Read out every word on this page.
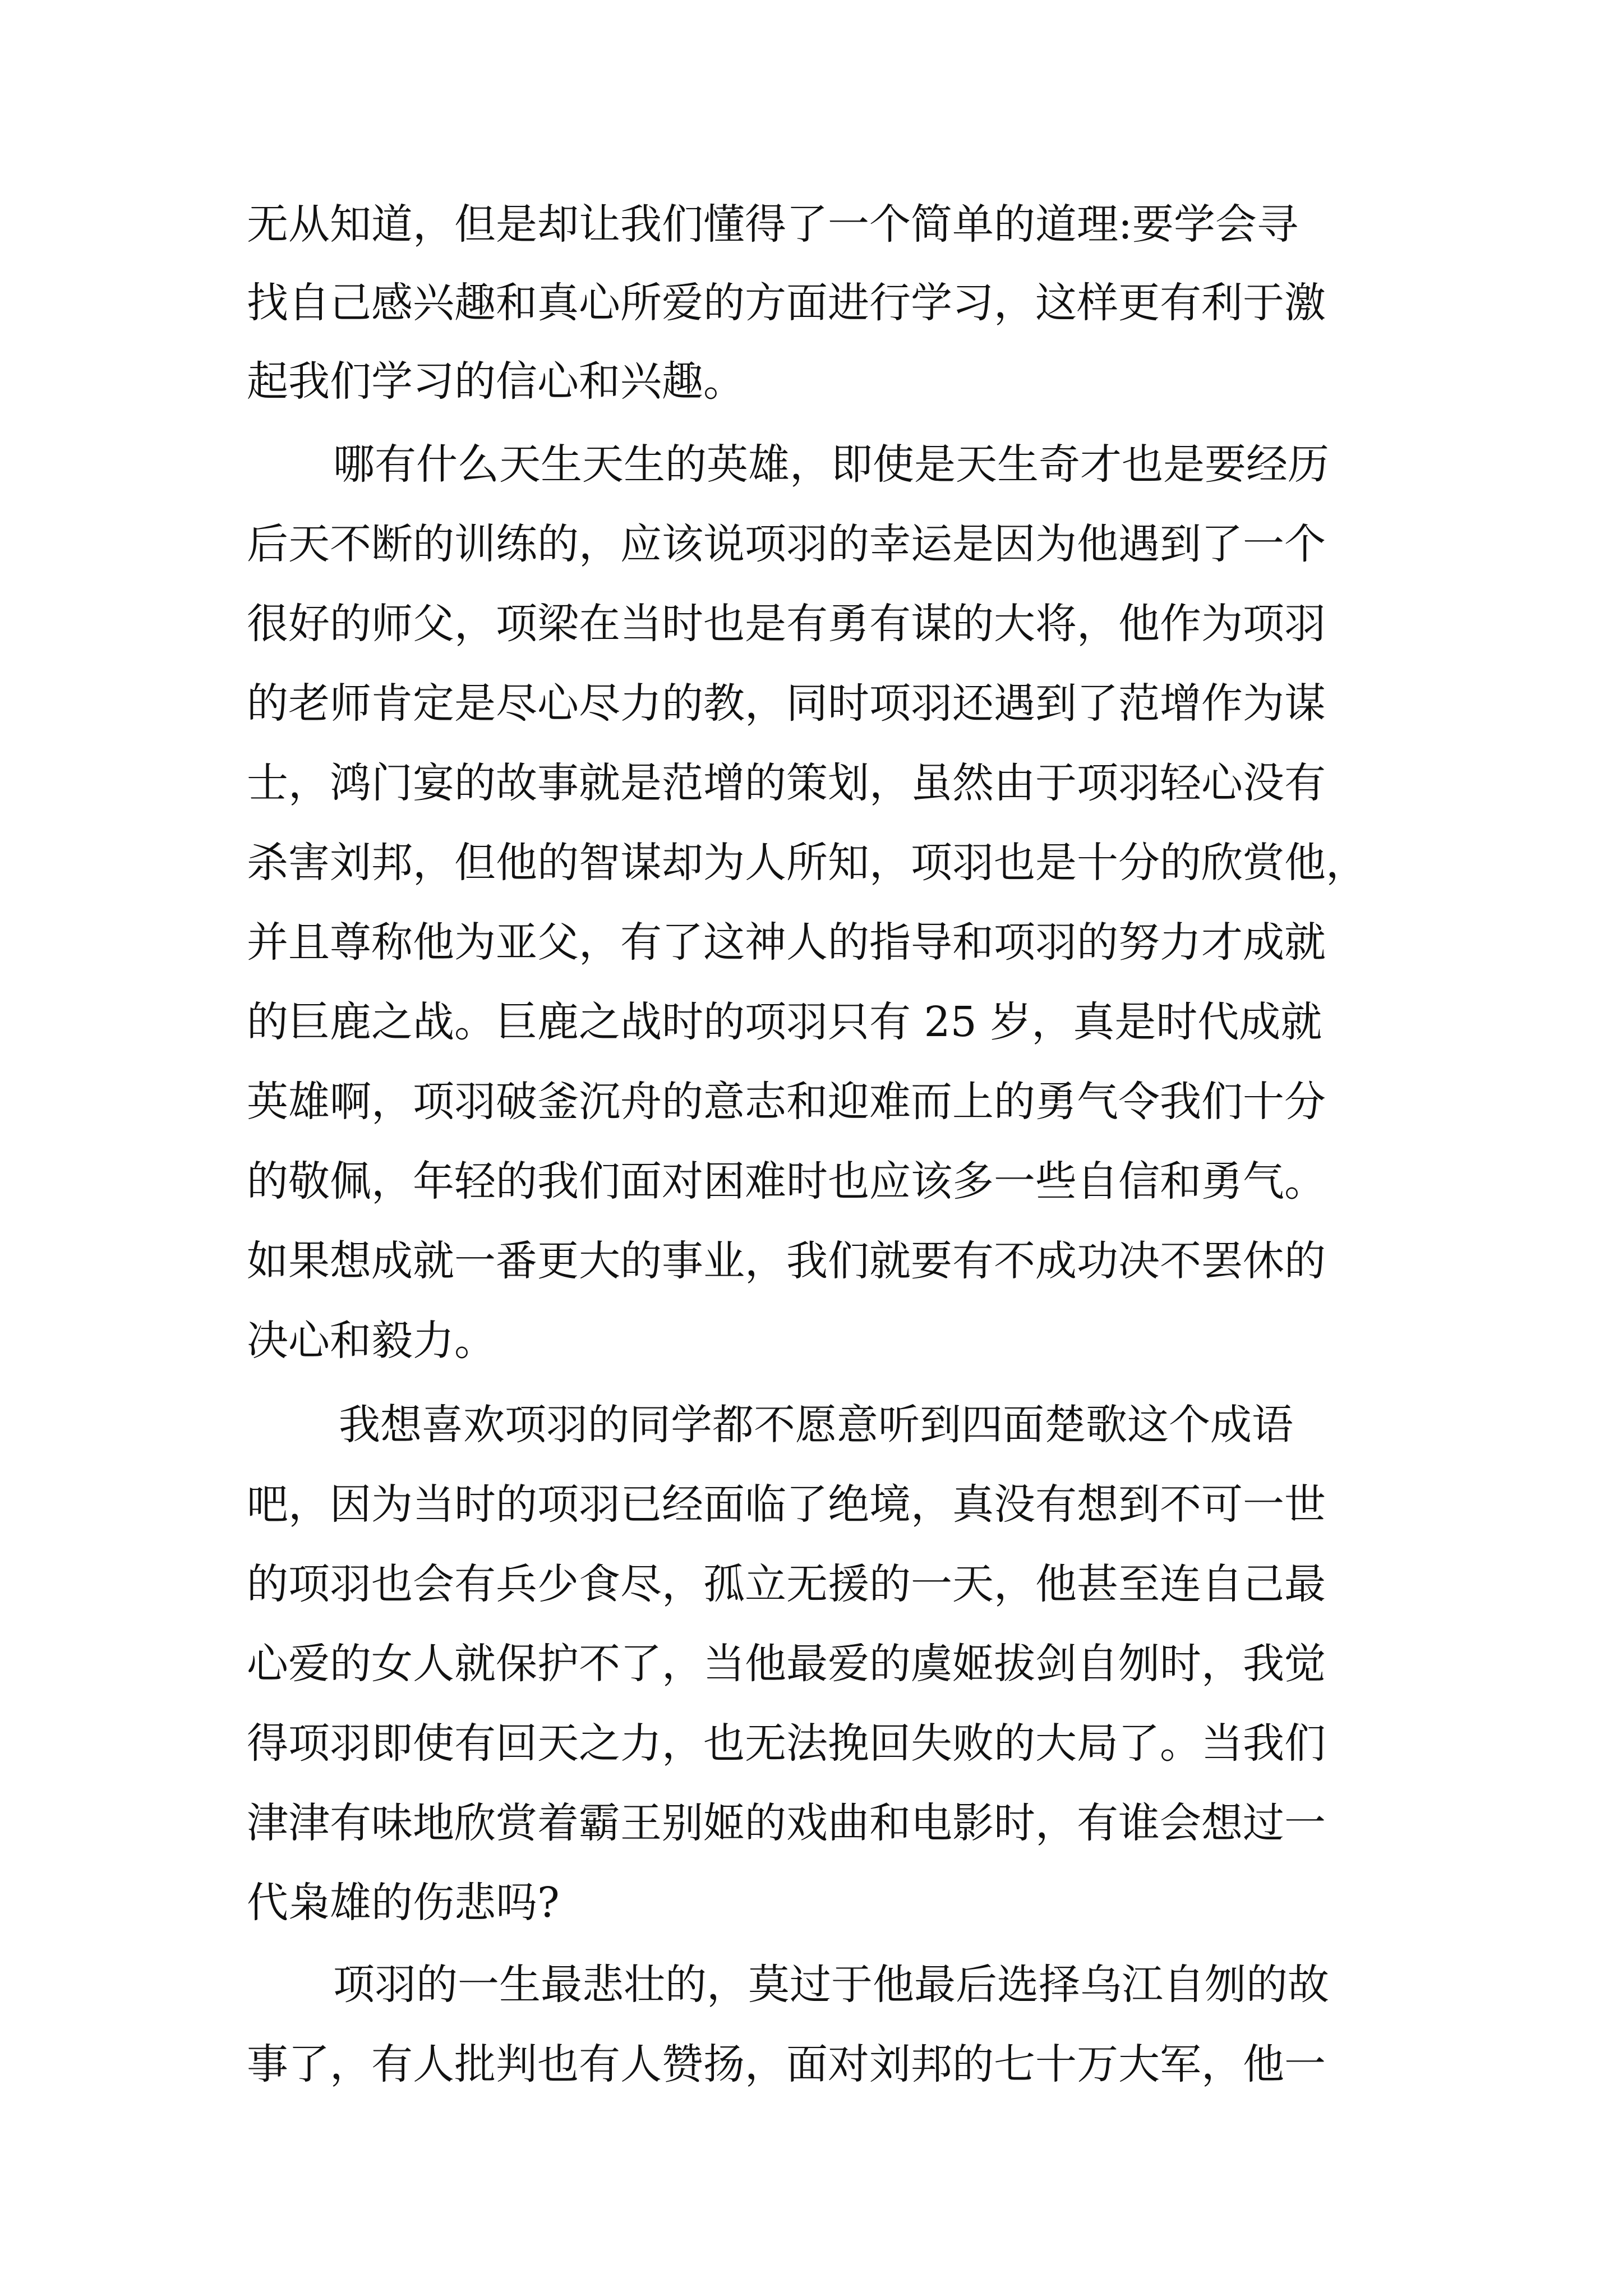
无从知道，但是却让我们懂得了一个简单的道理:要学会寻
找自己感兴趣和真心所爱的方面进行学习，这样更有利于激
起我们学习的信心和兴趣。
哪有什么天生天生的英雄，即使是天生奇才也是要经历
后天不断的训练的，应该说项羽的幸运是因为他遇到了一个
很好的师父，项梁在当时也是有勇有谋的大将，他作为项羽
的老师肯定是尽心尽力的教，同时项羽还遇到了范增作为谋
士，鸿门宴的故事就是范增的策划，虽然由于项羽轻心没有
杀害刘邦，但他的智谋却为人所知，项羽也是十分的欣赏他，
并且尊称他为亚父，有了这神人的指导和项羽的努力才成就
的巨鹿之战。巨鹿之战时的项羽只有 25 岁，真是时代成就
英雄啊，项羽破釜沉舟的意志和迎难而上的勇气令我们十分
的敬佩，年轻的我们面对困难时也应该多一些自信和勇气。
如果想成就一番更大的事业，我们就要有不成功决不罢休的
决心和毅力。
我想喜欢项羽的同学都不愿意听到四面楚歌这个成语
吧，因为当时的项羽已经面临了绝境，真没有想到不可一世
的项羽也会有兵少食尽，孤立无援的一天，他甚至连自己最
心爱的女人就保护不了，当他最爱的虞姬拔剑自刎时，我觉
得项羽即使有回天之力，也无法挽回失败的大局了。当我们
津津有味地欣赏着霸王别姬的戏曲和电影时，有谁会想过一
代枭雄的伤悲吗?
项羽的一生最悲壮的，莫过于他最后选择乌江自刎的故
事了，有人批判也有人赞扬，面对刘邦的七十万大军，他一
